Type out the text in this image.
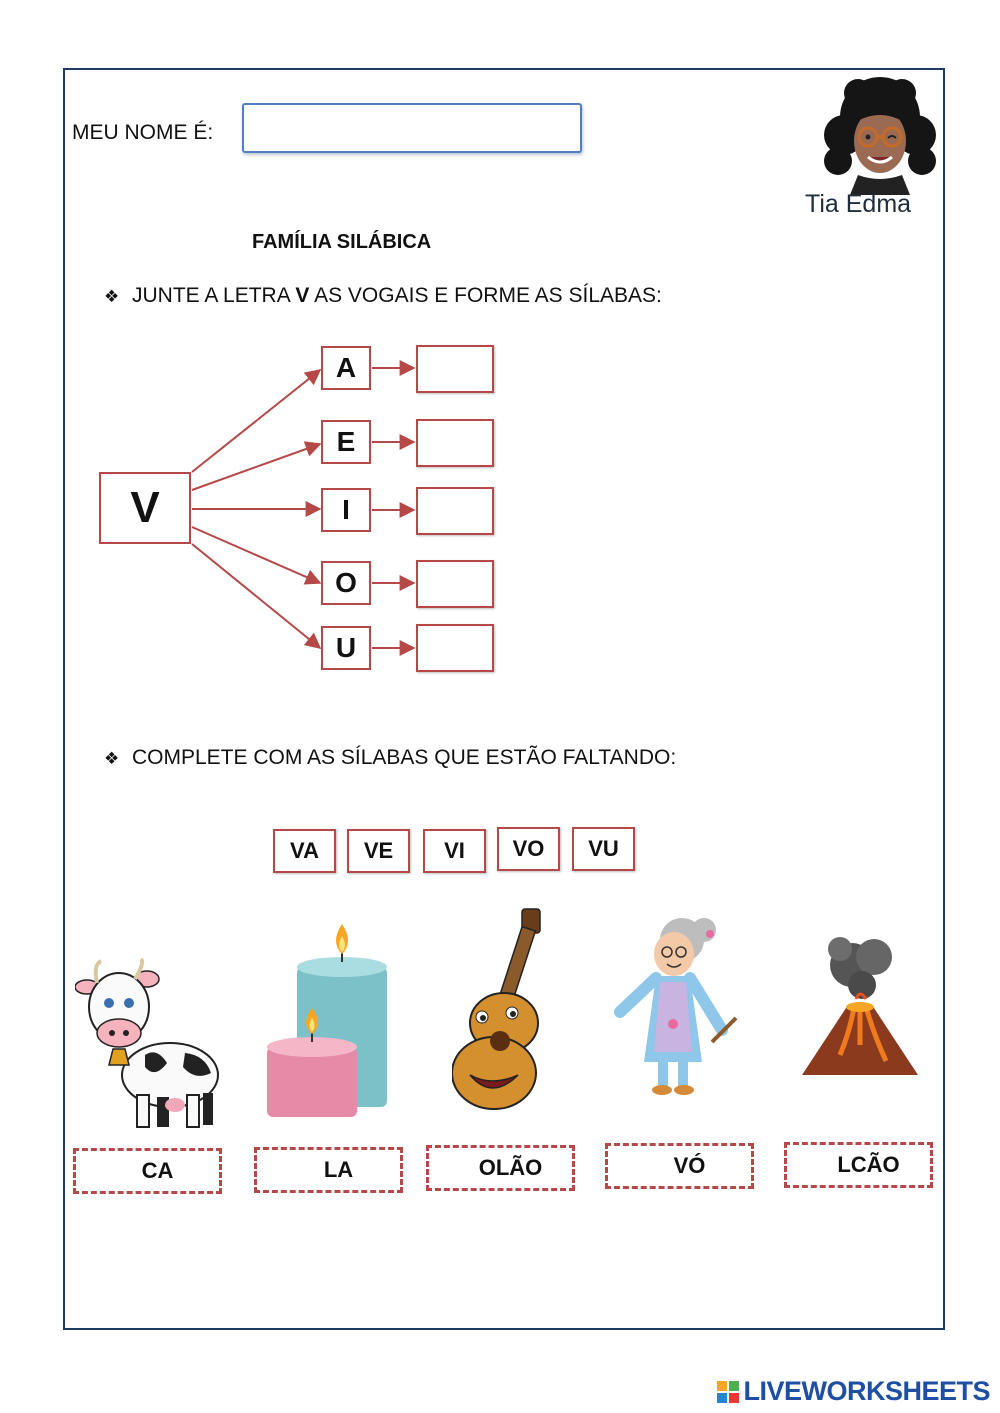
MEU NOME É:
Tia Edma
FAMÍLIA SILÁBICA
❖ JUNTE A LETRA V AS VOGAIS E FORME AS SÍLABAS:
V
A
E
I
O
U
❖ COMPLETE COM AS SÍLABAS QUE ESTÃO FALTANDO:
VA	VE	VI	VO	VU
CA	LA	OLÃO	VÓ	LCÃO
LIVEWORKSHEETS
